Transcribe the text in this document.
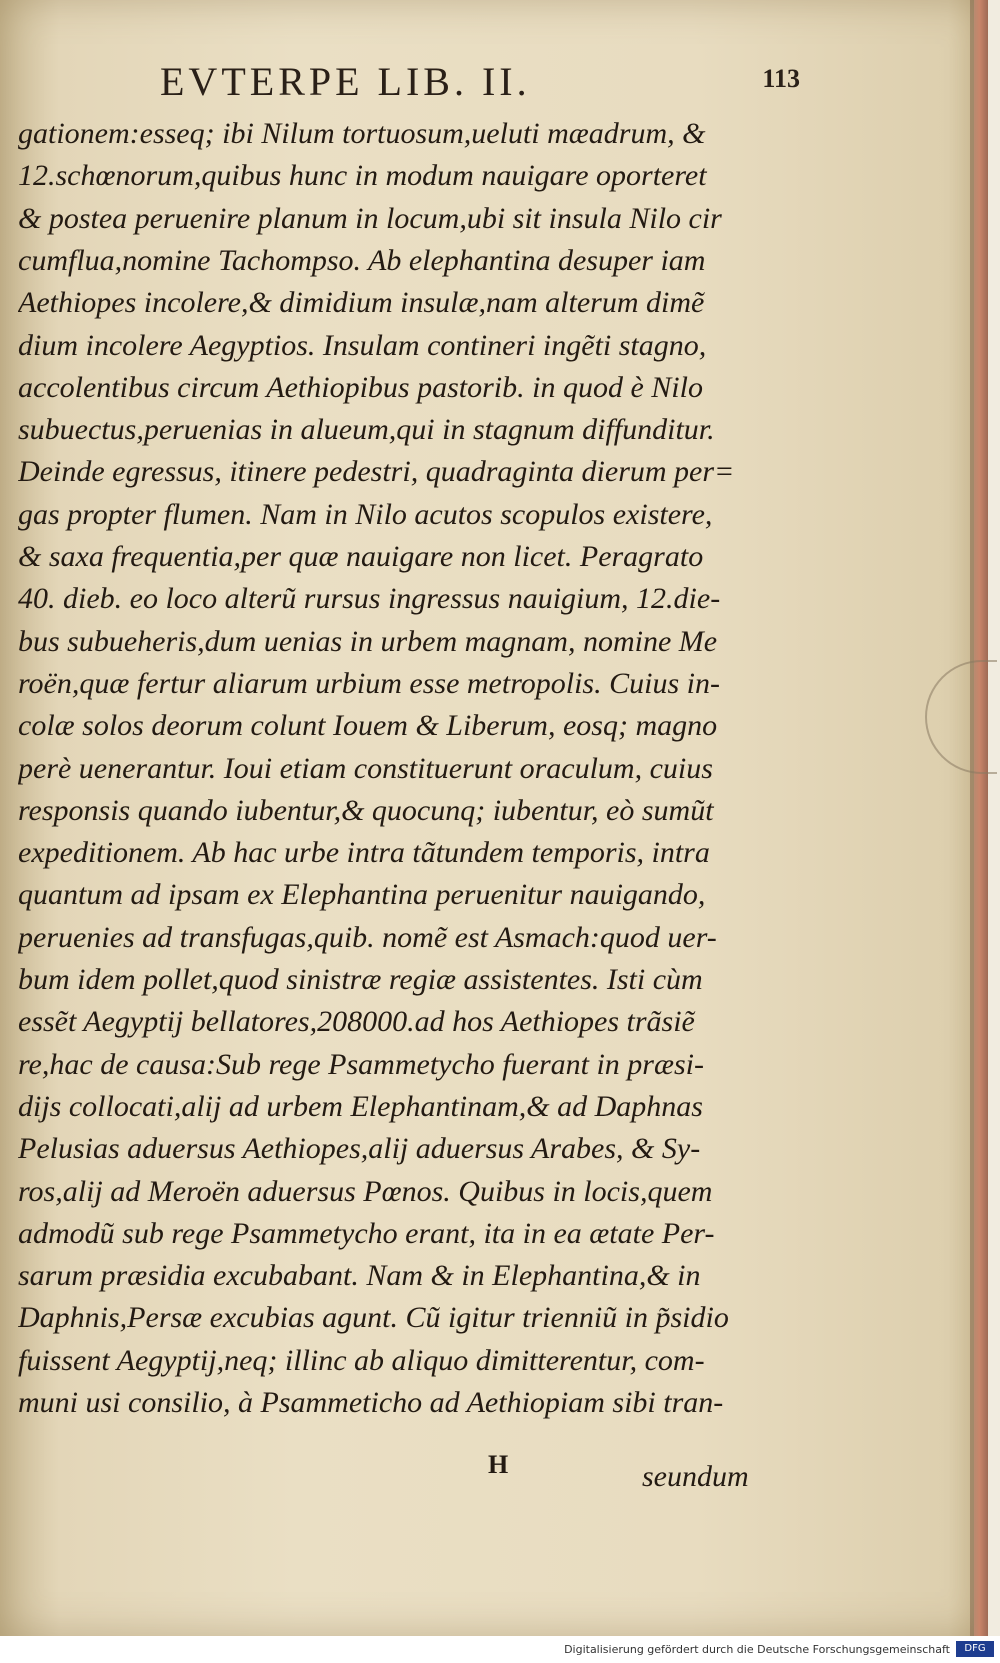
EVTERPE LIB. II.	113
gationem:esseq; ibi Nilum tortuosum,ueluti mæadrum, &
12.schœnorum,quibus hunc in modum nauigare oporteret
& postea peruenire planum in locum,ubi sit insula Nilo cir
cumflua,nomine Tachompso. Ab elephantina desuper iam
Aethiopes incolere,& dimidium insulæ,nam alterum dimẽ
dium incolere Aegyptios. Insulam contineri ingẽti stagno,
accolentibus circum Aethiopibus pastorib. in quod è Nilo
subuectus,peruenias in alueum,qui in stagnum diffunditur.
Deinde egressus, itinere pedestri, quadraginta dierum per=
gas propter flumen. Nam in Nilo acutos scopulos existere,
& saxa frequentia,per quæ nauigare non licet. Peragrato
40. dieb. eo loco alterũ rursus ingressus nauigium, 12.die-
bus subueheris,dum uenias in urbem magnam, nomine Me
roën,quæ fertur aliarum urbium esse metropolis. Cuius in-
colæ solos deorum colunt Iouem & Liberum, eosq; magno
perè uenerantur. Ioui etiam constituerunt oraculum, cuius
responsis quando iubentur,& quocunq; iubentur, eò sumũt
expeditionem. Ab hac urbe intra tãtundem temporis, intra
quantum ad ipsam ex Elephantina peruenitur nauigando,
peruenies ad transfugas,quib. nomẽ est Asmach:quod uer-
bum idem pollet,quod sinistræ regiæ assistentes. Isti cùm
essẽt Aegyptij bellatores,208000.ad hos Aethiopes trãsiẽ
re,hac de causa:Sub rege Psammetycho fuerant in præsi-
dijs collocati,alij ad urbem Elephantinam,& ad Daphnas
Pelusias aduersus Aethiopes,alij aduersus Arabes, & Sy-
ros,alij ad Meroën aduersus Pœnos. Quibus in locis,quem
admodũ sub rege Psammetycho erant, ita in ea ætate Per-
sarum præsidia excubabant. Nam & in Elephantina,& in
Daphnis,Persæ excubias agunt. Cũ igitur trienniũ in p̃sidio
fuissent Aegyptij,neq; illinc ab aliquo dimitterentur, com-
muni usi consilio, à Psammeticho ad Aethiopiam sibi tran-
H	seundum
Digitalisierung gefördert durch die Deutsche Forschungsgemeinschaft	DFG
